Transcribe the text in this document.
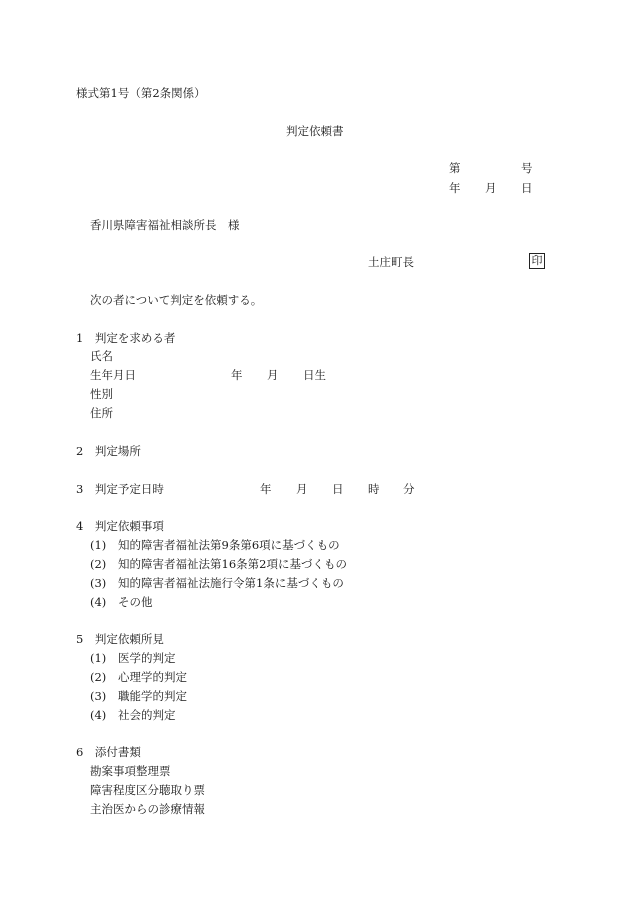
様式第1号（第2条関係）
判定依頼書
第	号
年 月 日
香川県障害福祉相談所長　様
土庄町長	印
次の者について判定を依頼する。
1　判定を求める者
氏名
生年月日	年 月 日生
性別
住所
2　判定場所
3　判定予定日時	年 月 日 時 分
4　判定依頼事項
(1) 知的障害者福祉法第9条第6項に基づくもの
(2) 知的障害者福祉法第16条第2項に基づくもの
(3) 知的障害者福祉法施行令第1条に基づくもの
(4) その他
5　判定依頼所見
(1) 医学的判定
(2) 心理学的判定
(3) 職能学的判定
(4) 社会的判定
6　添付書類
勘案事項整理票
障害程度区分聴取り票
主治医からの診療情報
